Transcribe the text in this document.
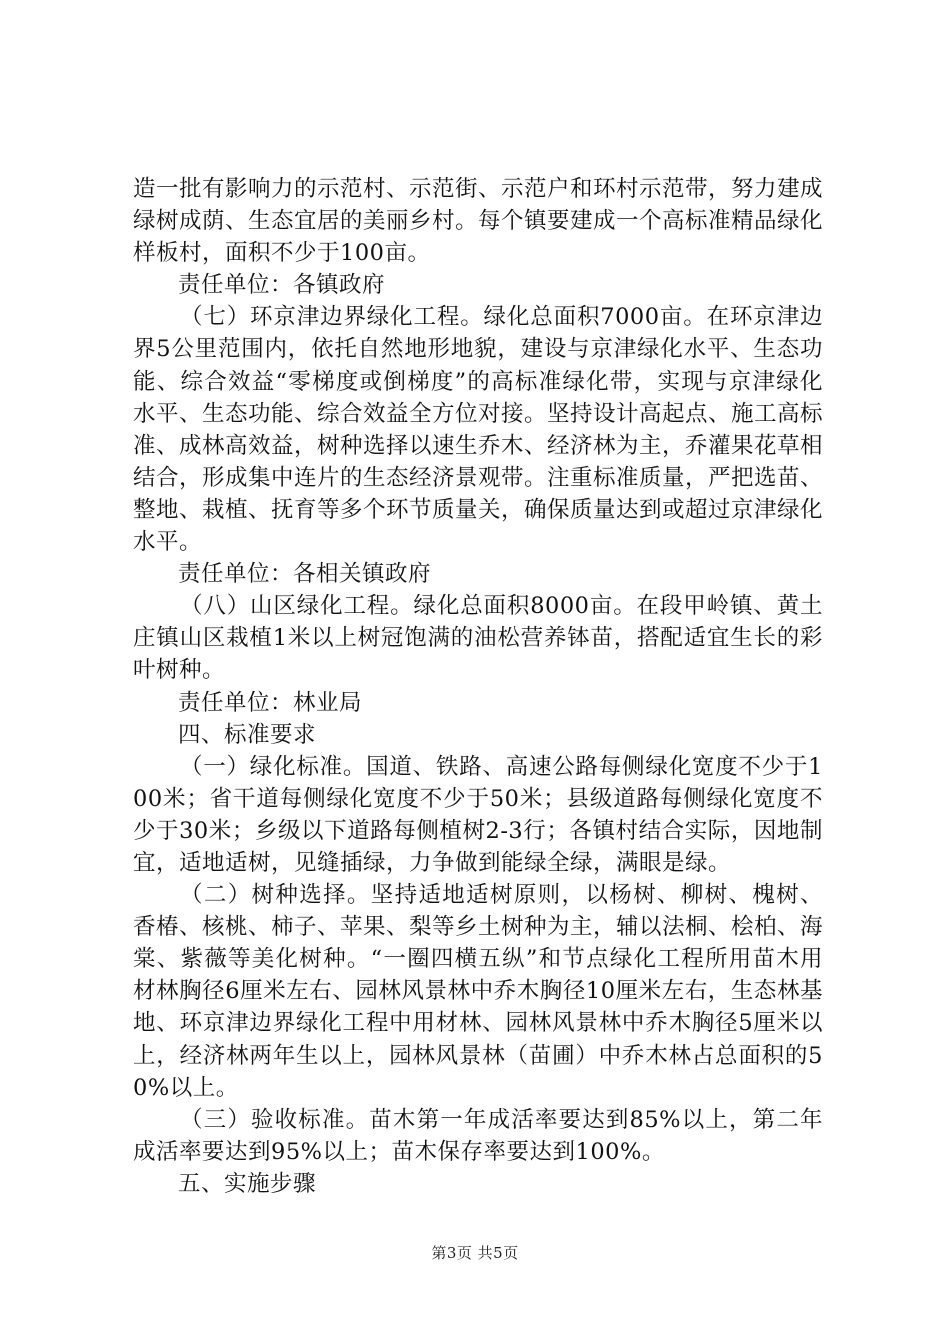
造一批有影响力的示范村、示范街、示范户和环村示范带，努力建成绿树成荫、生态宜居的美丽乡村。每个镇要建成一个高标准精品绿化样板村，面积不少于100亩。

责任单位：各镇政府

（七）环京津边界绿化工程。绿化总面积7000亩。在环京津边界5公里范围内，依托自然地形地貌，建设与京津绿化水平、生态功能、综合效益“零梯度或倒梯度”的高标准绿化带，实现与京津绿化水平、生态功能、综合效益全方位对接。坚持设计高起点、施工高标准、成林高效益，树种选择以速生乔木、经济林为主，乔灌果花草相结合，形成集中连片的生态经济景观带。注重标准质量，严把选苗、整地、栽植、抚育等多个环节质量关，确保质量达到或超过京津绿化水平。

责任单位：各相关镇政府

（八）山区绿化工程。绿化总面积8000亩。在段甲岭镇、黄土庄镇山区栽植1米以上树冠饱满的油松营养钵苗，搭配适宜生长的彩叶树种。

责任单位：林业局

四、标准要求

（一）绿化标准。国道、铁路、高速公路每侧绿化宽度不少于100米；省干道每侧绿化宽度不少于50米；县级道路每侧绿化宽度不少于30米；乡级以下道路每侧植树2-3行；各镇村结合实际，因地制宜，适地适树，见缝插绿，力争做到能绿全绿，满眼是绿。

（二）树种选择。坚持适地适树原则，以杨树、柳树、槐树、香椿、核桃、柿子、苹果、梨等乡土树种为主，辅以法桐、桧柏、海棠、紫薇等美化树种。“一圈四横五纵”和节点绿化工程所用苗木用材林胸径6厘米左右、园林风景林中乔木胸径10厘米左右，生态林基地、环京津边界绿化工程中用材林、园林风景林中乔木胸径5厘米以上，经济林两年生以上，园林风景林（苗圃）中乔木林占总面积的50%以上。

（三）验收标准。苗木第一年成活率要达到85%以上，第二年成活率要达到95%以上；苗木保存率要达到100%。

五、实施步骤

第3页 共5页
